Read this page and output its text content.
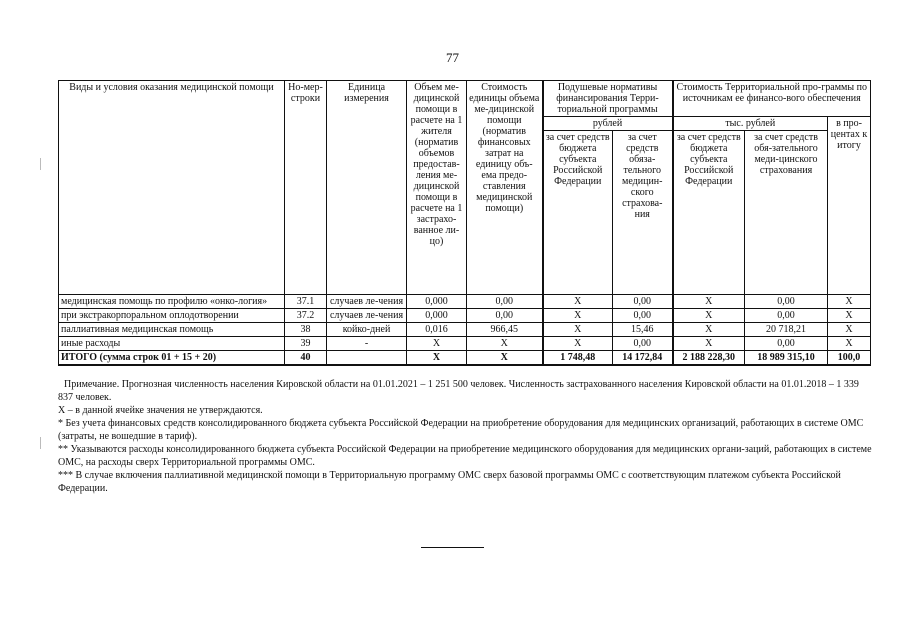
77
Виды и условия оказания медицинской помощи	Но-мер-строки	Единица измерения	Объем ме-дицинской помощи в расчете на 1 жителя (норматив объемов предостав-ления ме-дицинской помощи в расчете на 1 застрахо-ванное ли-цо)	Стоимость единицы объема ме-дицинской помощи (норматив финансовых затрат на единицу объ-ема предо-ставления медицинской помощи)	Подушевые нормативы финансирования Терри-ториальной программы		Стоимость Территориальной про-граммы по источникам ее финансо-вого обеспечения		
					рублей		тыс. рублей		в про-центах к итогу
					за счет средств бюджета субъекта Российской Федерации	за счет средств обяза-тельного медицин-ского страхова-ния	за счет средств бюджета субъекта Российской Федерации	за счет средств обя-зательного меди-цинского страхования	
медицинская помощь по профилю «онко-логия»	37.1	случаев ле-чения	0,000	0,00	X	0,00	X	0,00	X
при экстракорпоральном оплодотворении	37.2	случаев ле-чения	0,000	0,00	X	0,00	X	0,00	X
паллиативная медицинская помощь	38	койко-дней	0,016	966,45	X	15,46	X	20 718,21	X
иные расходы	39	-	X	X	X	0,00	X	0,00	X
ИТОГО (сумма строк 01 + 15 + 20)	40		X	X	1 748,48	14 172,84	2 188 228,30	18 989 315,10	100,0

Примечание. Прогнозная численность населения Кировской области на 01.01.2021 – 1 251 500 человек. Численность застрахованного населения Кировской области на 01.01.2018 – 1 339 837 человек.

X – в данной ячейке значения не утверждаются.

* Без учета финансовых средств консолидированного бюджета субъекта Российской Федерации на приобретение оборудования для медицинских организаций, работающих в системе ОМС (затраты, не вошедшие в тариф).

** Указываются расходы консолидированного бюджета субъекта Российской Федерации на приобретение медицинского оборудования для медицинских органи-заций, работающих в системе ОМС, на расходы сверх Территориальной программы ОМС.

*** В случае включения паллиативной медицинской помощи в Территориальную программу ОМС сверх базовой программы ОМС с соответствующим платежом субъекта Российской Федерации.
